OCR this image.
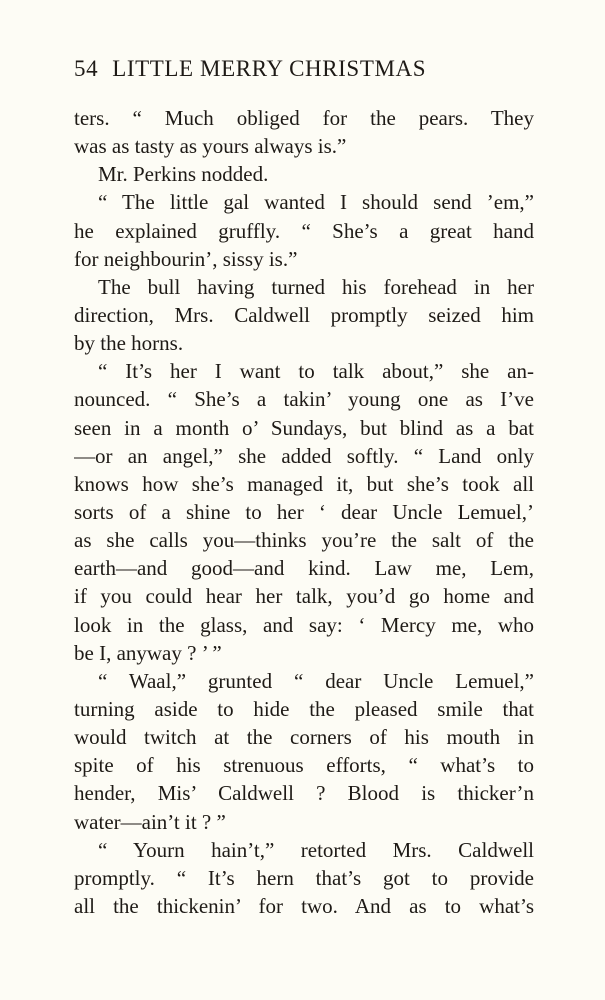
54 LITTLE MERRY CHRISTMAS
ters. “ Much obliged for the pears. They
was as tasty as yours always is.”
Mr. Perkins nodded.
“ The little gal wanted I should send ’em,”
he explained gruffly. “ She’s a great hand
for neighbourin’, sissy is.”
The bull having turned his forehead in her
direction, Mrs. Caldwell promptly seized him
by the horns.
“ It’s her I want to talk about,” she an-
nounced. “ She’s a takin’ young one as I’ve
seen in a month o’ Sundays, but blind as a bat
—or an angel,” she added softly. “ Land only
knows how she’s managed it, but she’s took all
sorts of a shine to her ‘ dear Uncle Lemuel,’
as she calls you—thinks you’re the salt of the
earth—and good—and kind. Law me, Lem,
if you could hear her talk, you’d go home and
look in the glass, and say: ‘ Mercy me, who
be I, anyway ? ’ ”
“ Waal,” grunted “ dear Uncle Lemuel,”
turning aside to hide the pleased smile that
would twitch at the corners of his mouth in
spite of his strenuous efforts, “ what’s to
hender, Mis’ Caldwell ? Blood is thicker’n
water—ain’t it ? ”
“ Yourn hain’t,” retorted Mrs. Caldwell
promptly. “ It’s hern that’s got to provide
all the thickenin’ for two. And as to what’s
